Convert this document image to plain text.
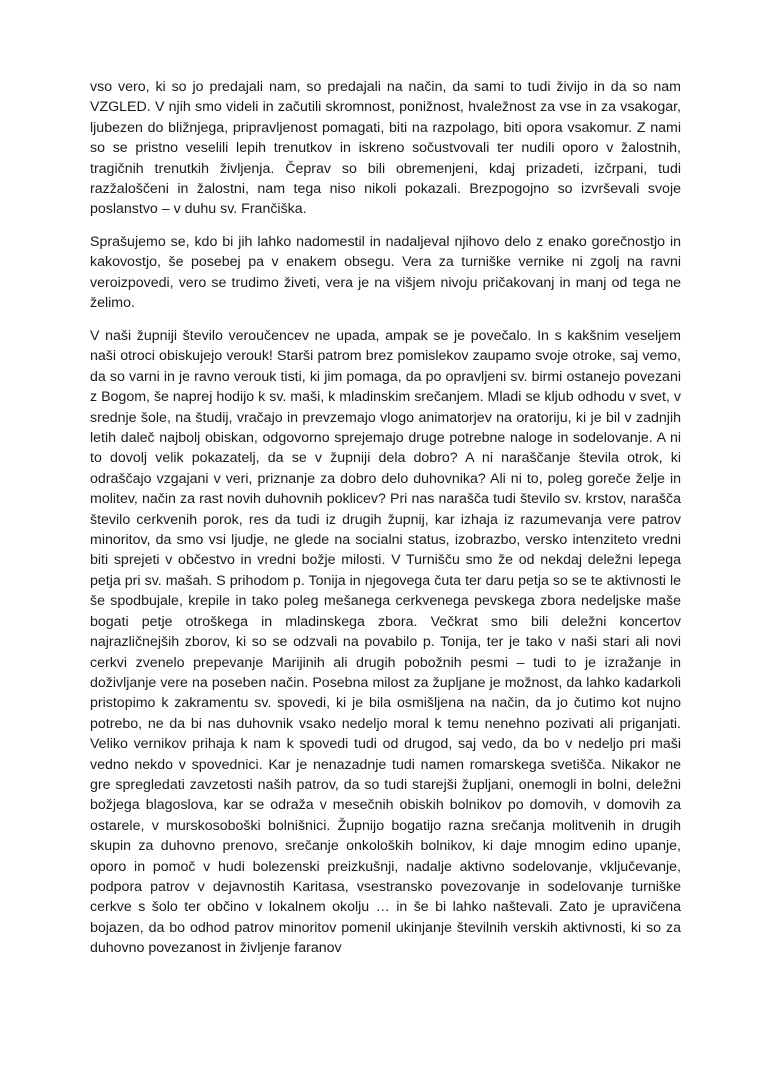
vso vero, ki so jo predajali nam, so predajali na način, da sami to tudi živijo in da so nam VZGLED. V njih smo videli in začutili skromnost, ponižnost, hvaležnost za vse in za vsakogar, ljubezen do bližnjega, pripravljenost pomagati, biti na razpolago, biti opora vsakomur. Z nami so se pristno veselili lepih trenutkov in iskreno sočustvovali ter nudili oporo v žalostnih, tragičnih trenutkih življenja. Čeprav so bili obremenjeni, kdaj prizadeti, izčrpani, tudi razžaloščeni in žalostni, nam tega niso nikoli pokazali. Brezpogojno so izvrševali svoje poslanstvo – v duhu sv. Frančiška.

Sprašujemo se, kdo bi jih lahko nadomestil in nadaljeval njihovo delo z enako gorečnostjo in kakovostjo, še posebej pa v enakem obsegu. Vera za turniške vernike ni zgolj na ravni veroizpovedi, vero se trudimo živeti, vera je na višjem nivoju pričakovanj in manj od tega ne želimo.

V naši župniji število veroučencev ne upada, ampak se je povečalo. In s kakšnim veseljem naši otroci obiskujejo verouk! Starši patrom brez pomislekov zaupamo svoje otroke, saj vemo, da so varni in je ravno verouk tisti, ki jim pomaga, da po opravljeni sv. birmi ostanejo povezani z Bogom, še naprej hodijo k sv. maši, k mladinskim srečanjem. Mladi se kljub odhodu v svet, v srednje šole, na študij, vračajo in prevzemajo vlogo animatorjev na oratoriju, ki je bil v zadnjih letih daleč najbolj obiskan, odgovorno sprejemajo druge potrebne naloge in sodelovanje. A ni to dovolj velik pokazatelj, da se v župniji dela dobro? A ni naraščanje števila otrok, ki odraščajo vzgajani v veri, priznanje za dobro delo duhovnika? Ali ni to, poleg goreče želje in molitev, način za rast novih duhovnih poklicev? Pri nas narašča tudi število sv. krstov, narašča število cerkvenih porok, res da tudi iz drugih župnij, kar izhaja iz razumevanja vere patrov minoritov, da smo vsi ljudje, ne glede na socialni status, izobrazbo, versko intenziteto vredni biti sprejeti v občestvo in vredni božje milosti. V Turnišču smo že od nekdaj deležni lepega petja pri sv. mašah. S prihodom p. Tonija in njegovega čuta ter daru petja so se te aktivnosti le še spodbujale, krepile in tako poleg mešanega cerkvenega pevskega zbora nedeljske maše bogati petje otroškega in mladinskega zbora. Večkrat smo bili deležni koncertov najrazličnejših zborov, ki so se odzvali na povabilo p. Tonija, ter je tako v naši stari ali novi cerkvi zvenelo prepevanje Marijinih ali drugih pobožnih pesmi – tudi to je izražanje in doživljanje vere na poseben način. Posebna milost za župljane je možnost, da lahko kadarkoli pristopimo k zakramentu sv. spovedi, ki je bila osmišljena na način, da jo čutimo kot nujno potrebo, ne da bi nas duhovnik vsako nedeljo moral k temu nenehno pozivati ali priganjati. Veliko vernikov prihaja k nam k spovedi tudi od drugod, saj vedo, da bo v nedeljo pri maši vedno nekdo v spovednici. Kar je nenazadnje tudi namen romarskega svetišča. Nikakor ne gre spregledati zavzetosti naših patrov, da so tudi starejši župljani, onemogli in bolni, deležni božjega blagoslova, kar se odraža v mesečnih obiskih bolnikov po domovih, v domovih za ostarele, v murskosoboški bolnišnici. Župnijo bogatijo razna srečanja molitvenih in drugih skupin za duhovno prenovo, srečanje onkoloških bolnikov, ki daje mnogim edino upanje, oporo in pomoč v hudi bolezenski preizkušnji, nadalje aktivno sodelovanje, vključevanje, podpora patrov v dejavnostih Karitasa, vsestransko povezovanje in sodelovanje turniške cerkve s šolo ter občino v lokalnem okolju … in še bi lahko naštevali. Zato je upravičena bojazen, da bo odhod patrov minoritov pomenil ukinjanje številnih verskih aktivnosti, ki so za duhovno povezanost in življenje faranov
